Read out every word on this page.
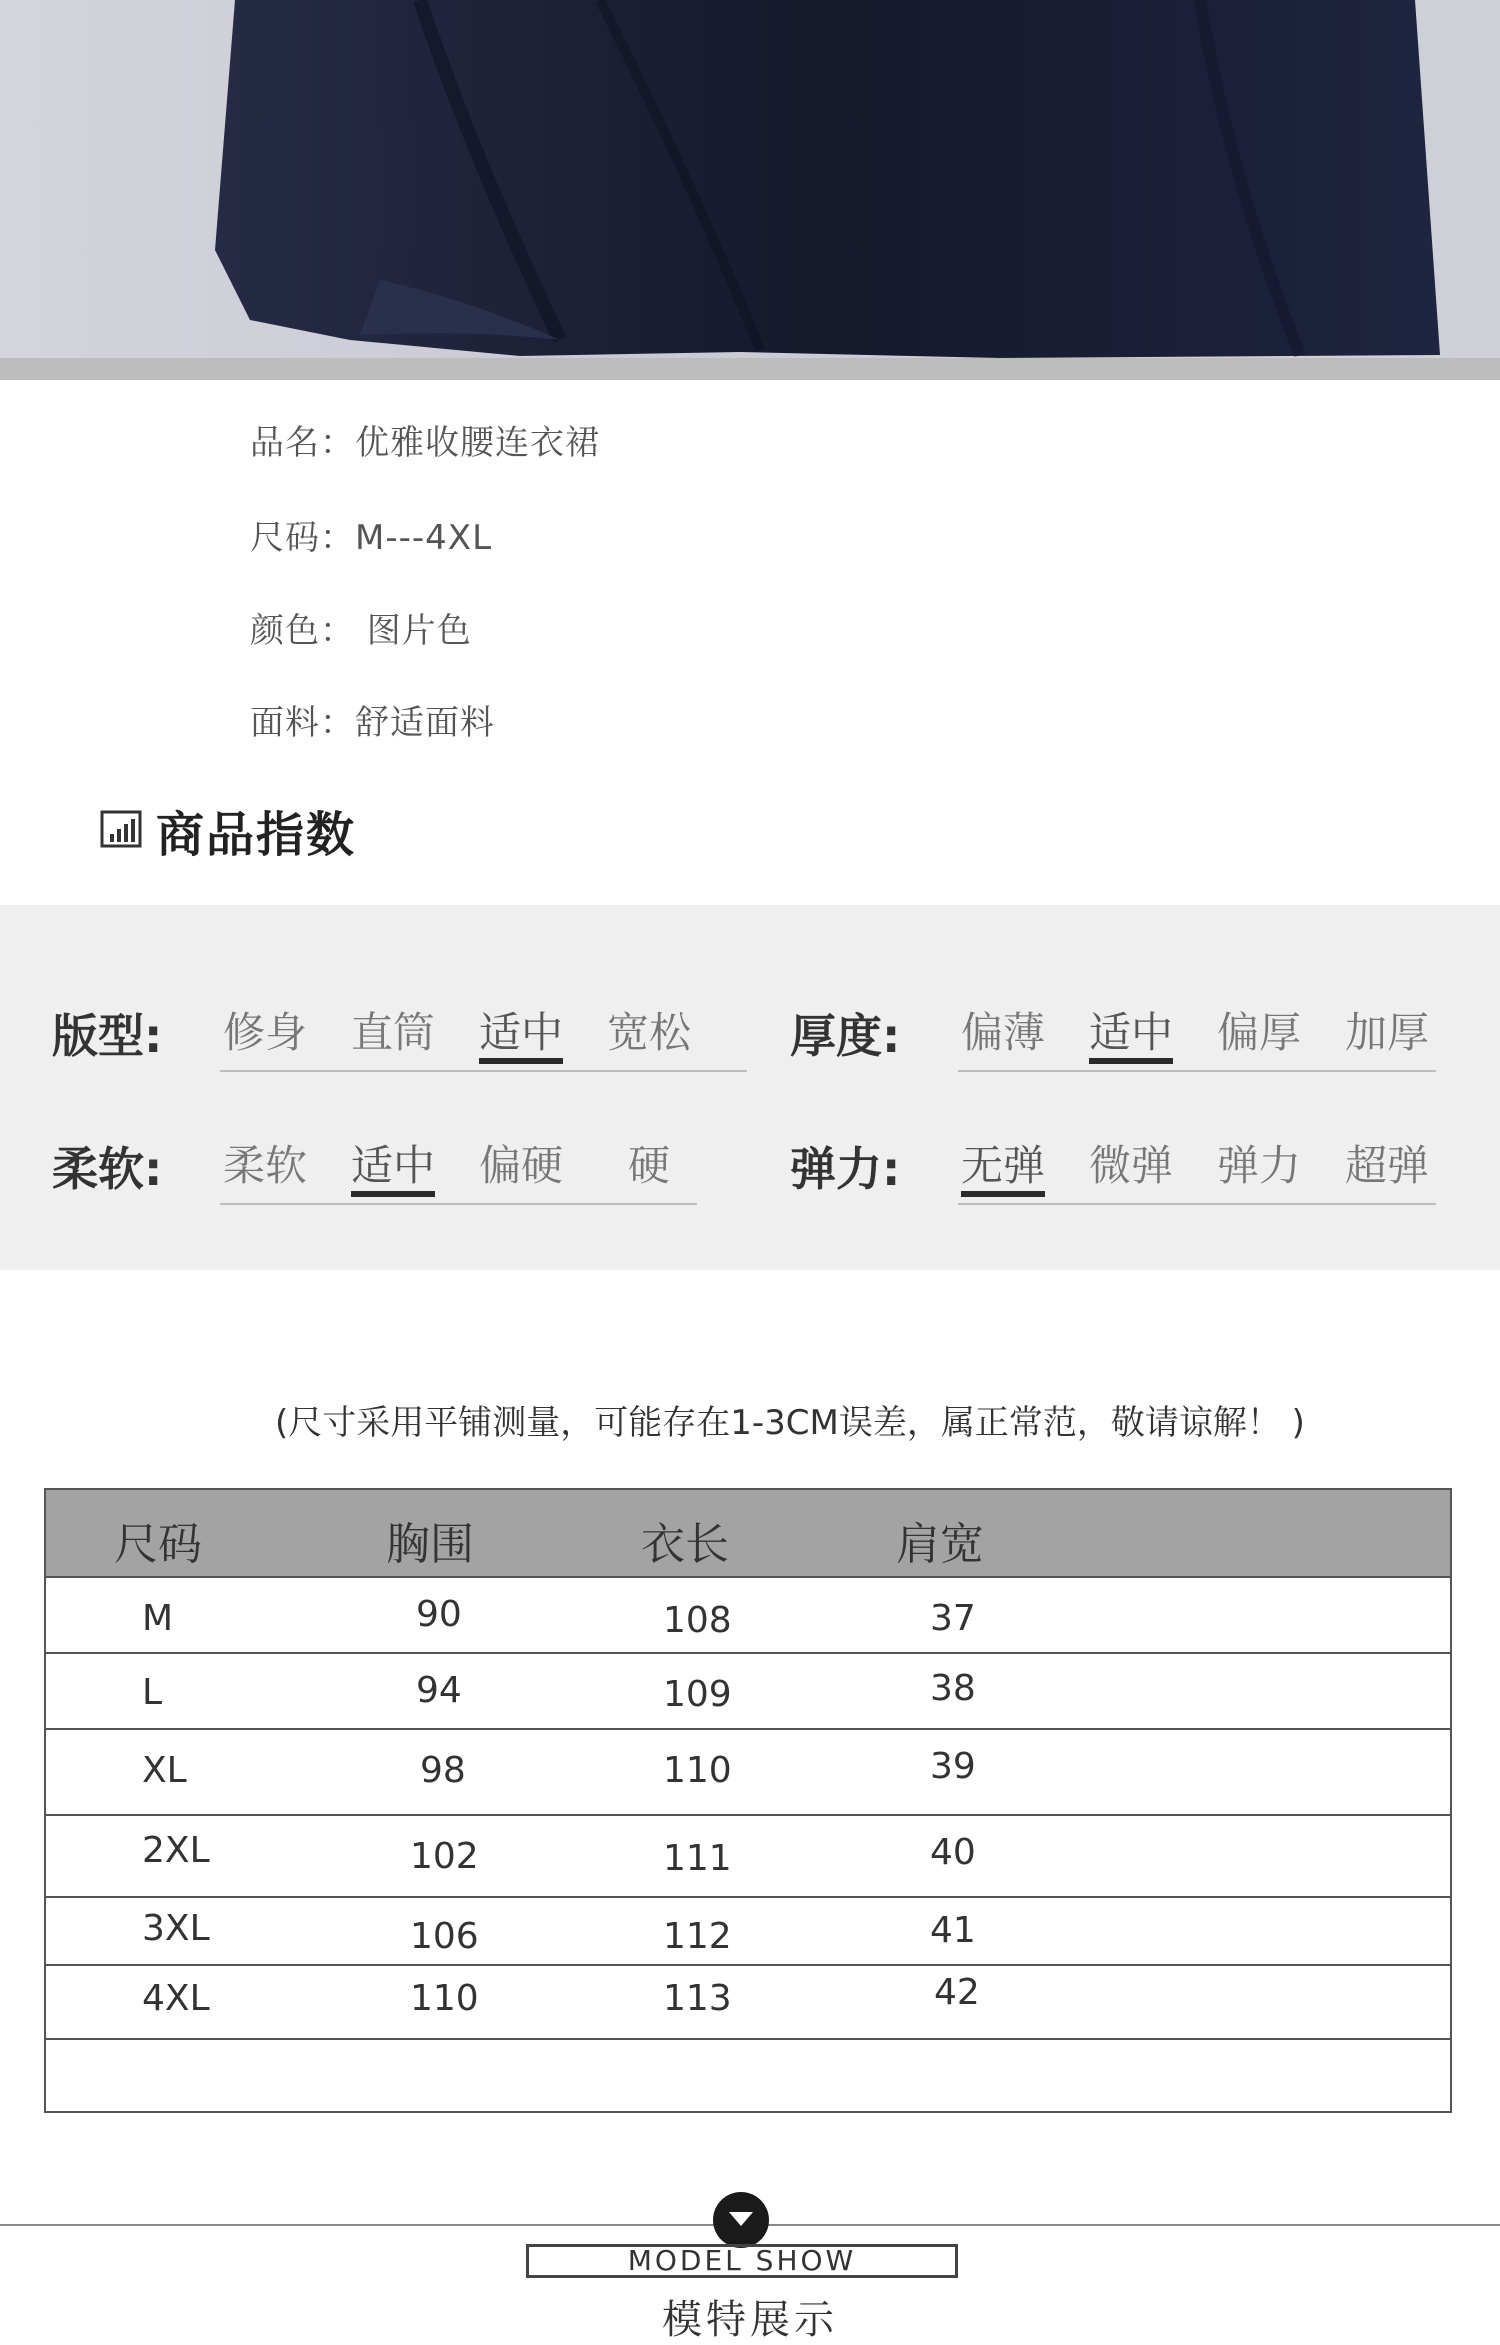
品名：优雅收腰连衣裙
尺码：M---4XL
颜色： 图片色
面料：舒适面料
商品指数
版型: 修身 直筒 适中 宽松 厚度: 偏薄 适中 偏厚 加厚
柔软: 柔软 适中 偏硬	硬	弹力: 无弹 微弹 弹力 超弹
(尺寸采用平铺测量，可能存在1-3CM误差，属正常范，敬请谅解！ )
尺码	胸围	衣长	肩宽
M	90	108	37
L	94	109	38
XL	98	110	39
2XL	102	111	40
3XL	106	112	41
4XL	110	113	42
MODEL SHOW
模特展示
